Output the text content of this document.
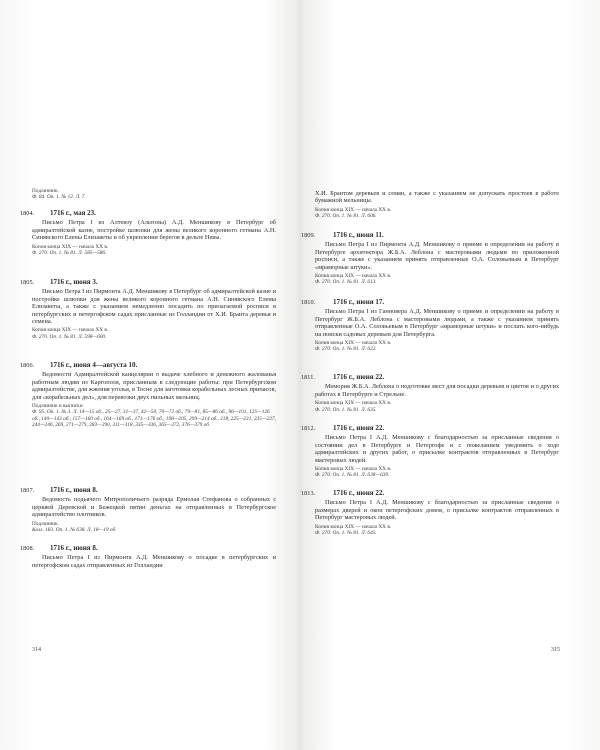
Подлинник.
Ф. 84. Оп. 1. № 12. Л. 7.
1804. 1716 г., мая 23.
Письмо Петра I из Алтевоу (Альтоны) А.Д. Меншикову в Петербург об адмиралтейской казне, постройке шлюпки для жены великого коронного гетмана А.Н. Синявского Елены Елизаветы и об укреплении берегов в дельте Невы.
Копия конца XIX — начала XX в.
Ф. 270. Оп. 1. № 81. Л. 585—586.
1805. 1716 г., июня 3.
Письмо Петра I из Пирмонта А.Д. Меншикову в Петербург об адмиралтейской казне и постройке шлюпки для жены великого коронного гетмана А.Н. Синявского Елены Елизаветы, а также с указанием немедленно посадить по прилагаемой росписи в петербургских и петергофском садах присланные из Голландии от Х.И. Бранта деревья и семена.
Копия конца XIX — начала XX в.
Ф. 270. Оп. 1. № 81. Л. 598—600.
1806. 1716 г., июня 4—августа 10.
Ведомости Адмиралтейской канцелярии о выдаче хлебного и денежного жалованья работным людям из Каргополя, присланным в следующие работы: при Петербургском адмиралтействе, для жжения уголья, в Тосне для заготовки корабельных лесных припасов, для «корабельных дел», для перевозки двух пильных мельниц.
Подлинник и выписки.
Ф. 95. Оп. 1. № 3. Л. 14—15 об., 25—27, 31—37, 42—50, 70—72 об., 79—81, 85—86 об., 96—101, 125—126 об., 140—143 об., 157—160 об., 164—169 об., 171—176 об., 198—205, 209—214 об., 218, 225—231, 235—237, 244—246, 269, 271—279, 283—290, 311—318, 335—336, 365—372, 376—379 об.
1807. 1716 г., июня 8.
Ведомость подьячего Митрополичьего разряда Ермолая Стефанова о собранных с церквей Деревской и Бежецкой пятин деньгах на отправленных в Петербургское адмиралтейство плотников.
Подлинник.
Колл. 183. Оп. 1. № 638. Л. 18—19 об.
1808. 1716 г., июня 8.
Письмо Петра I из Пирмонта А.Д. Меншикову о посадке в петербургских и петергофском садах отправленных из Голландии
314
Х.И. Брантом деревьев и семян, а также с указанием не допускать простоев в работе бумажной мельницы.
Копия конца XIX — начала XX в.
Ф. 270. Оп. 1. № 81. Л. 606.
1809.	1716 г., июня 11.
Письмо Петра I из Пирмонта А.Д. Меншикову о приеме и определении на работу в Петербурге архитектора Ж.Б.А. Леблона с мастеровыми людьми по приложенной росписи, а также с указанием принять отправленные О.А. Соловьевым в Петербург «мраморные штуки».
Копия конца XIX — начала XX в.
Ф. 270. Оп. 1. № 81. Л. 613.
1810.	1716 г., июня 17.
Письмо Петра I из Ганновера А.Д. Меншикову о приеме и определении на работу в Петербург Ж.Б.А. Леблона с мастеровыми людьми, а также с указанием принять отправленные О.А. Соловьевым в Петербург «мраморные штуки» и послать кого-нибудь на поиски садовых деревьев для Петербурга.
Копия конца XIX — начала XX в.
Ф. 270. Оп. 1. № 81. Л. 622.
1811.	1716 г., июня 22.
Мемория Ж.Б.А. Леблона о подготовке мест для посадки деревьев и цветов и о других работах в Петербурге и Стрельне.
Копия конца XIX — начала XX в.
Ф. 270. Оп. 1. № 81. Л. 635.
1812.	1716 г., июня 22.
Письмо Петра I А.Д. Меншикову с благодарностью за присланные сведения о состоянии дел в Петербурге и Петергофе и с пожеланием уведомить о ходе адмиралтейских и других работ, о присылке контрактов отправленных в Петербург мастеровых людей.
Копия конца XIX — начала XX в.
Ф. 270. Оп. 1. № 81. Л. 638—639.
1813.	1716 г., июня 22.
Письмо Петра I А.Д. Меншикову с благодарностью за присланные сведения о размерах дверей и окон петергофских домов, о присылке контрактов отправленных в Петербург мастеровых людей.
Копия конца XIX — начала XX в.
Ф. 270. Оп. 1. № 81. Л. 645.
315
